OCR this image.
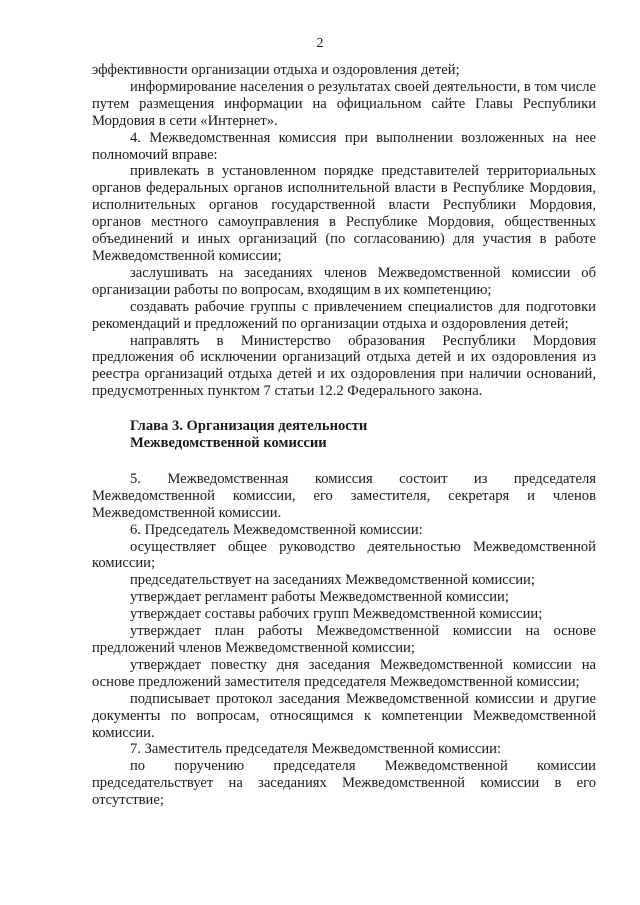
2

эффективности организации отдыха и оздоровления детей;

информирование населения о результатах своей деятельности, в том числе путем размещения информации на официальном сайте Главы Республики Мордовия в сети «Интернет».

4. Межведомственная комиссия при выполнении возложенных на нее полномочий вправе:

привлекать в установленном порядке представителей территориальных органов федеральных органов исполнительной власти в Республике Мордовия, исполнительных органов государственной власти Республики Мордовия, органов местного самоуправления в Республике Мордовия, общественных объединений и иных организаций (по согласованию) для участия в работе Межведомственной комиссии;

заслушивать на заседаниях членов Межведомственной комиссии об организации работы по вопросам, входящим в их компетенцию;

создавать рабочие группы с привлечением специалистов для подготовки рекомендаций и предложений по организации отдыха и оздоровления детей;

направлять в Министерство образования Республики Мордовия предложения об исключении организаций отдыха детей и их оздоровления из реестра организаций отдыха детей и их оздоровления при наличии оснований, предусмотренных пунктом 7 статьи 12.2 Федерального закона.

Глава 3. Организация деятельности

Межведомственной комиссии

5. Межведомственная комиссия состоит из председателя Межведомственной комиссии, его заместителя, секретаря и членов Межведомственной комиссии.

6. Председатель Межведомственной комиссии:

осуществляет общее руководство деятельностью Межведомственной комиссии;

председательствует на заседаниях Межведомственной комиссии;

утверждает регламент работы Межведомственной комиссии;

утверждает составы рабочих групп Межведомственной комиссии;

утверждает план работы Межведомственной комиссии на основе предложений членов Межведомственной комиссии;

утверждает повестку дня заседания Межведомственной комиссии на основе предложений заместителя председателя Межведомственной комиссии;

подписывает протокол заседания Межведомственной комиссии и другие документы по вопросам, относящимся к компетенции Межведомственной комиссии.

7. Заместитель председателя Межведомственной комиссии:

по поручению председателя Межведомственной комиссии председательствует на заседаниях Межведомственной комиссии в его отсутствие;
